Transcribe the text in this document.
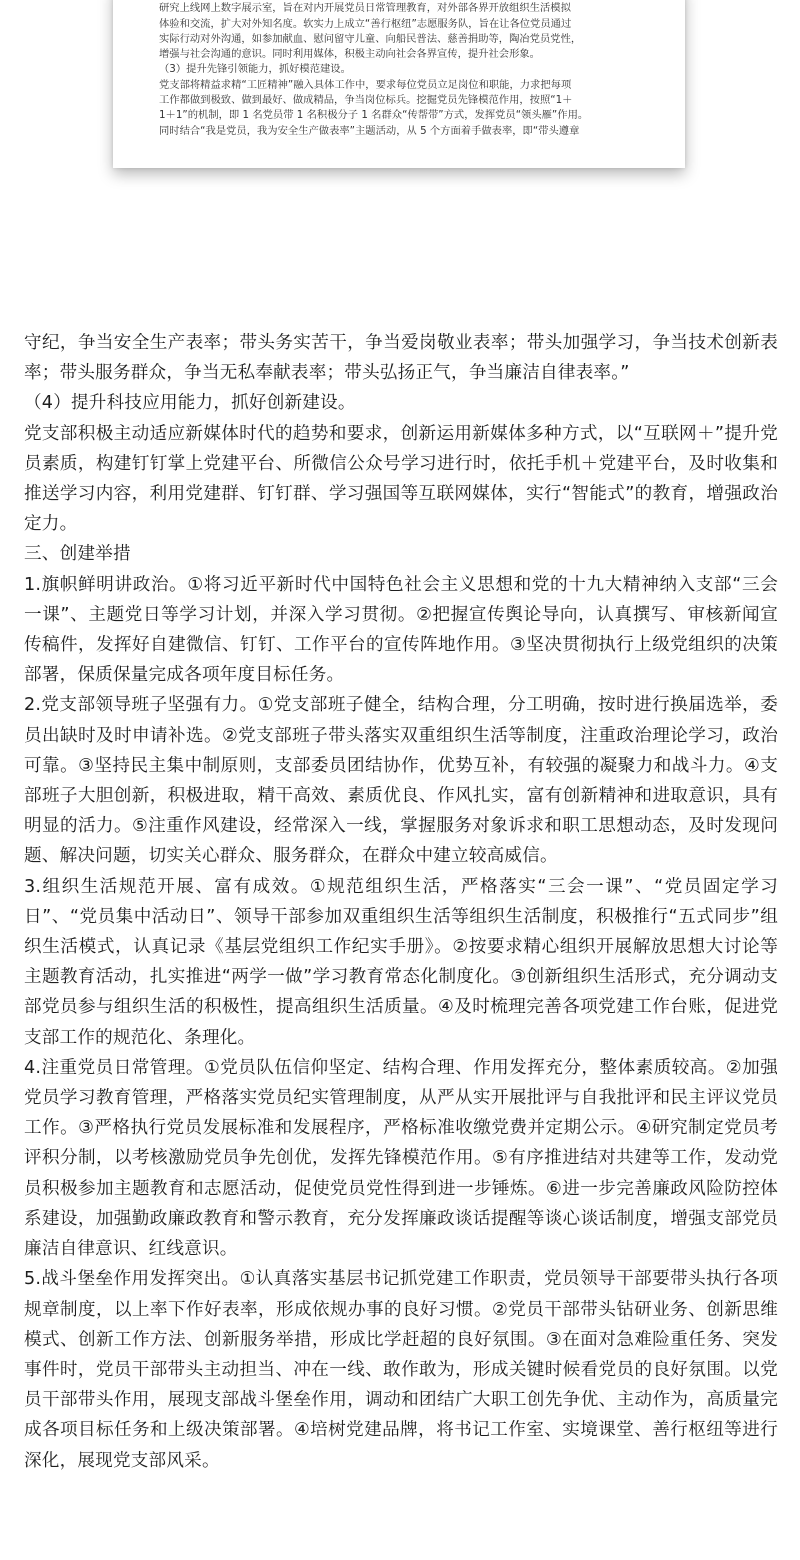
研究上线网上数字展示室，旨在对内开展党员日常管理教育，对外部各界开放组织生活模拟

体验和交流，扩大对外知名度。软实力上成立“善行枢纽”志愿服务队，旨在让各位党员通过

实际行动对外沟通，如参加献血、慰问留守儿童、向船民普法、慈善捐助等，陶冶党员党性，

增强与社会沟通的意识。同时利用媒体，积极主动向社会各界宣传，提升社会形象。

（3）提升先锋引领能力，抓好模范建设。

党支部将精益求精“工匠精神”融入具体工作中，要求每位党员立足岗位和职能，力求把每项

工作都做到极致、做到最好、做成精品，争当岗位标兵。挖掘党员先锋模范作用，按照“1＋

1＋1”的机制，即 1 名党员带 1 名积极分子 1 名群众“传帮带”方式，发挥党员“领头雁”作用。

同时结合“我是党员，我为安全生产做表率”主题活动，从 5 个方面着手做表率，即“带头遵章

守纪，争当安全生产表率；带头务实苦干，争当爱岗敬业表率；带头加强学习，争当技术创新表率；带头服务群众，争当无私奉献表率；带头弘扬正气，争当廉洁自律表率。”

（4）提升科技应用能力，抓好创新建设。

党支部积极主动适应新媒体时代的趋势和要求，创新运用新媒体多种方式，以“互联网＋”提升党员素质，构建钉钉掌上党建平台、所微信公众号学习进行时，依托手机＋党建平台，及时收集和推送学习内容，利用党建群、钉钉群、学习强国等互联网媒体，实行“智能式”的教育，增强政治定力。

三、创建举措

1.旗帜鲜明讲政治。①将习近平新时代中国特色社会主义思想和党的十九大精神纳入支部“三会一课”、主题党日等学习计划，并深入学习贯彻。②把握宣传舆论导向，认真撰写、审核新闻宣传稿件，发挥好自建微信、钉钉、工作平台的宣传阵地作用。③坚决贯彻执行上级党组织的决策部署，保质保量完成各项年度目标任务。

2.党支部领导班子坚强有力。①党支部班子健全，结构合理，分工明确，按时进行换届选举，委员出缺时及时申请补选。②党支部班子带头落实双重组织生活等制度，注重政治理论学习，政治可靠。③坚持民主集中制原则，支部委员团结协作，优势互补，有较强的凝聚力和战斗力。④支部班子大胆创新，积极进取，精干高效、素质优良、作风扎实，富有创新精神和进取意识，具有明显的活力。⑤注重作风建设，经常深入一线，掌握服务对象诉求和职工思想动态，及时发现问题、解决问题，切实关心群众、服务群众，在群众中建立较高威信。

3.组织生活规范开展、富有成效。①规范组织生活，严格落实“三会一课”、“党员固定学习日”、“党员集中活动日”、领导干部参加双重组织生活等组织生活制度，积极推行“五式同步”组织生活模式，认真记录《基层党组织工作纪实手册》。②按要求精心组织开展解放思想大讨论等主题教育活动，扎实推进“两学一做”学习教育常态化制度化。③创新组织生活形式，充分调动支部党员参与组织生活的积极性，提高组织生活质量。④及时梳理完善各项党建工作台账，促进党支部工作的规范化、条理化。

4.注重党员日常管理。①党员队伍信仰坚定、结构合理、作用发挥充分，整体素质较高。②加强党员学习教育管理，严格落实党员纪实管理制度，从严从实开展批评与自我批评和民主评议党员工作。③严格执行党员发展标准和发展程序，严格标准收缴党费并定期公示。④研究制定党员考评积分制，以考核激励党员争先创优，发挥先锋模范作用。⑤有序推进结对共建等工作，发动党员积极参加主题教育和志愿活动，促使党员党性得到进一步锤炼。⑥进一步完善廉政风险防控体系建设，加强勤政廉政教育和警示教育，充分发挥廉政谈话提醒等谈心谈话制度，增强支部党员廉洁自律意识、红线意识。

5.战斗堡垒作用发挥突出。①认真落实基层书记抓党建工作职责，党员领导干部要带头执行各项规章制度，以上率下作好表率，形成依规办事的良好习惯。②党员干部带头钻研业务、创新思维模式、创新工作方法、创新服务举措，形成比学赶超的良好氛围。③在面对急难险重任务、突发事件时，党员干部带头主动担当、冲在一线、敢作敢为，形成关键时候看党员的良好氛围。以党员干部带头作用，展现支部战斗堡垒作用，调动和团结广大职工创先争优、主动作为，高质量完成各项目标任务和上级决策部署。④培树党建品牌，将书记工作室、实境课堂、善行枢纽等进行深化，展现党支部风采。
